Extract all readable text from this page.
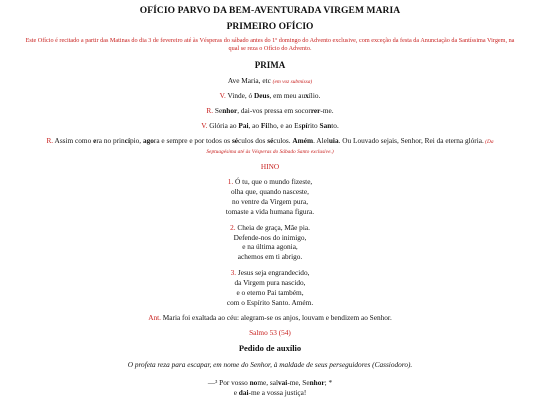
OFÍCIO PARVO DA BEM-AVENTURADA VIRGEM MARIA
PRIMEIRO OFÍCIO
Este Ofício é recitado a partir das Matinas do dia 3 de fevereiro até às Vésperas do sábado antes do 1º domingo do Advento exclusive, com exceção da festa da Anunciação da Santíssima Virgem, na
qual se reza o Ofício do Advento.
PRIMA
Ave Maria, etc (em voz submissa)
V. Vinde, ó Deus, em meu auxílio.
R. Senhor, dai-vos pressa em socorrer-me.
V. Glória ao Pai, ao Filho, e ao Espírito Santo.
R. Assim como era no princípio, agora e sempre e por todos os séculos dos séculos. Amém. Aleluia. Ou Louvado sejais, Senhor, Rei da eterna glória. (Da
Septuagésima até às Vésperas do Sábado Santo exclusive.)
HINO
1. Ó tu, que o mundo fizeste,
olha que, quando nasceste,
no ventre da Virgem pura,
tomaste a vida humana figura.
2. Cheia de graça, Mãe pia.
Defende-nos do inimigo,
e na última agonia,
achemos em ti abrigo.
3. Jesus seja engrandecido,
da Virgem pura nascido,
e o eterno Pai também,
com o Espírito Santo. Amém.
Ant. Maria foi exaltada ao céu: alegram-se os anjos, louvam e bendizem ao Senhor.
Salmo 53 (54)
Pedido de auxílio
O profeta reza para escapar, em nome do Senhor, à maldade de seus perseguidores (Cassiodoro).
—³ Por vosso nome, salvai-me, Senhor; *
e dai-me a vossa justiça!
